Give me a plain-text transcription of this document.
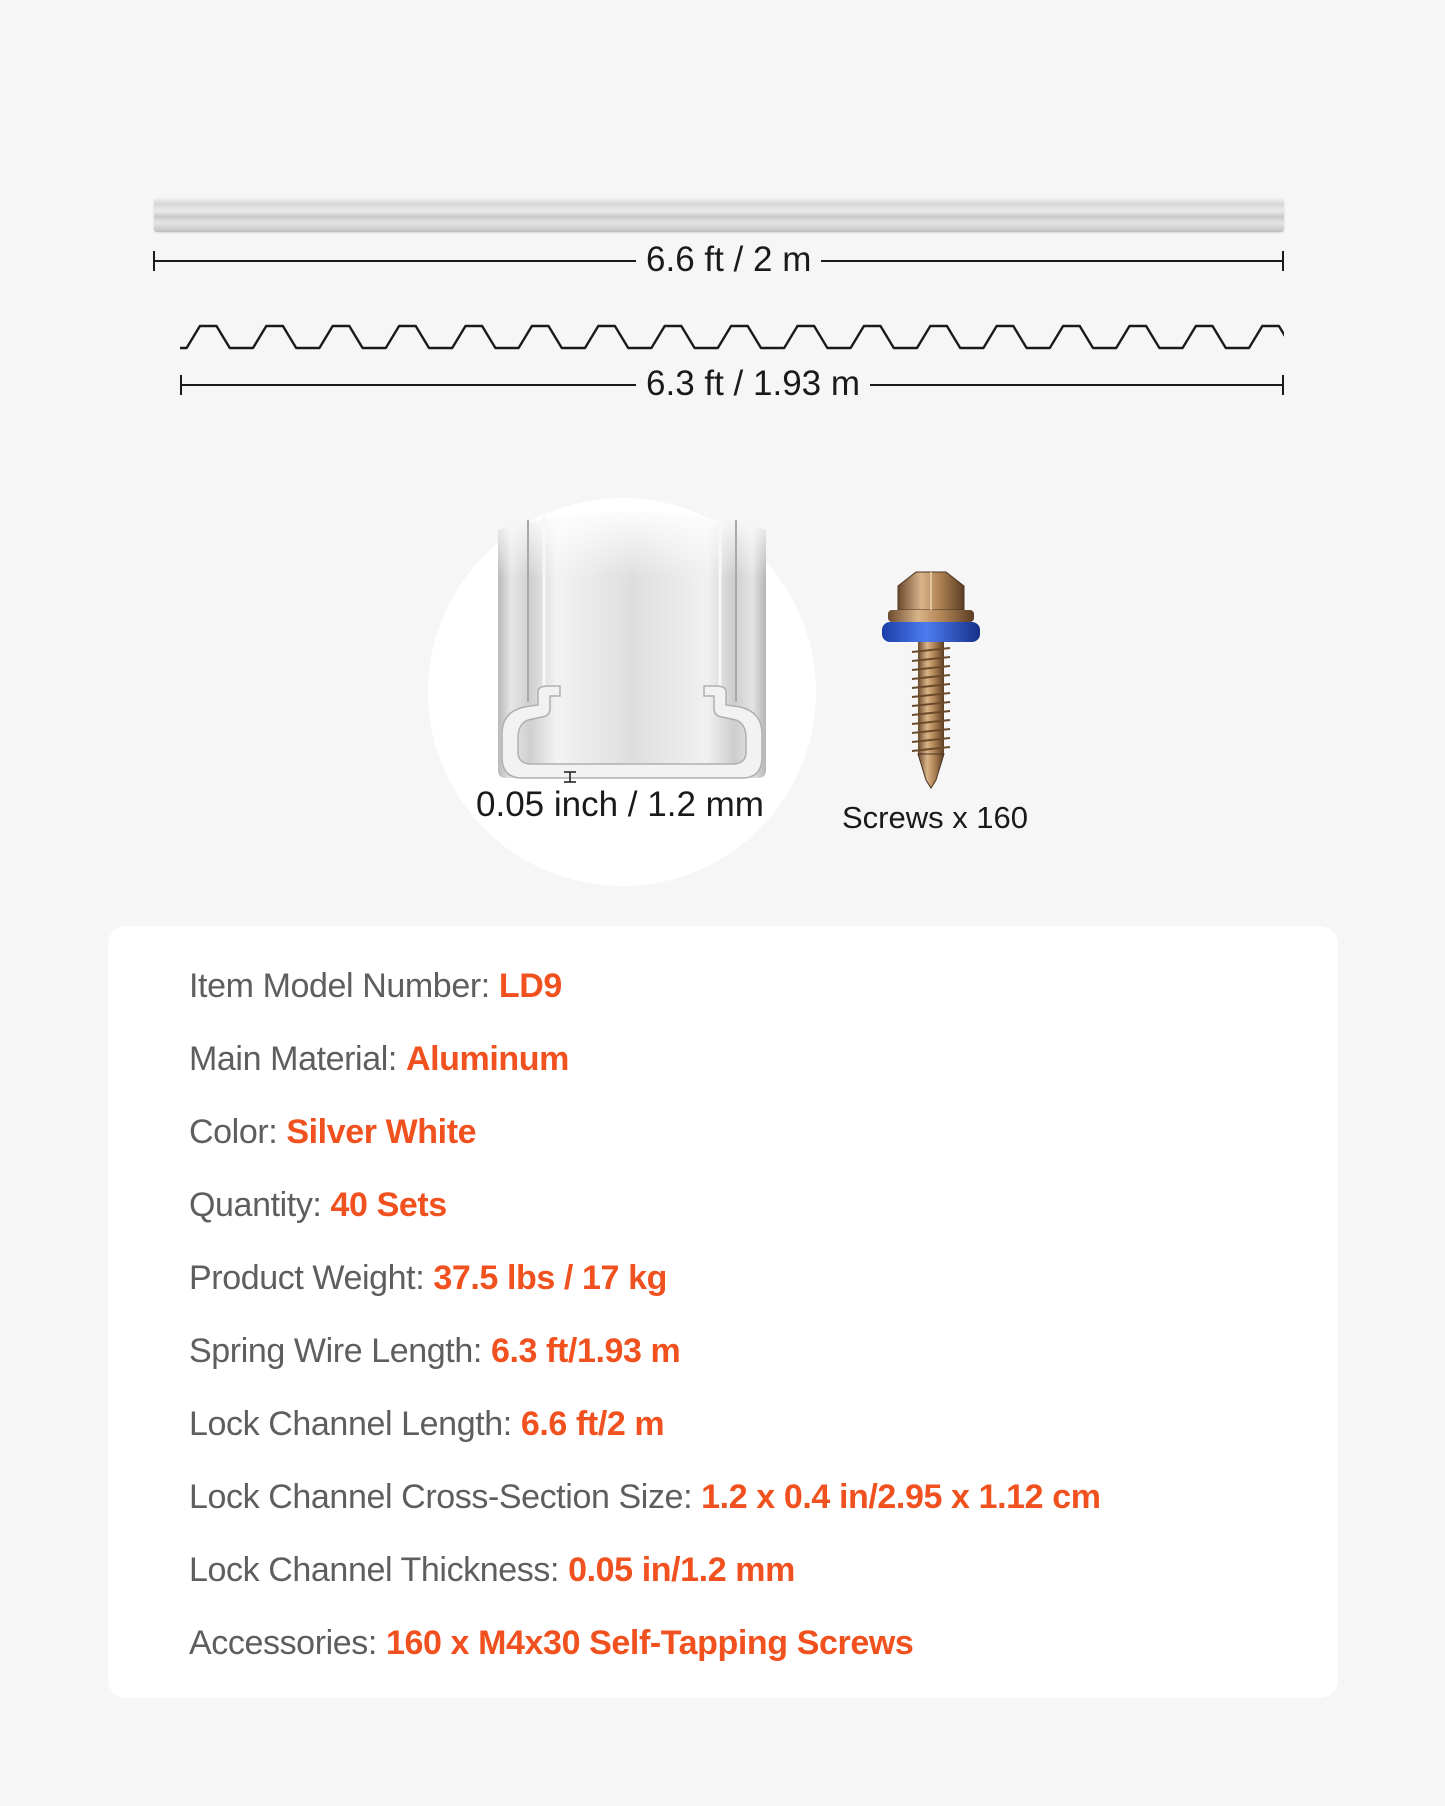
6.6 ft / 2 m
6.3 ft / 1.93 m
0.05 inch / 1.2 mm	Screws x 160
Item Model Number: LD9
Main Material: Aluminum
Color: Silver White
Quantity: 40 Sets
Product Weight: 37.5 lbs / 17 kg
Spring Wire Length: 6.3 ft/1.93 m
Lock Channel Length: 6.6 ft/2 m
Lock Channel Cross-Section Size: 1.2 x 0.4 in/2.95 x 1.12 cm
Lock Channel Thickness: 0.05 in/1.2 mm
Accessories: 160 x M4x30 Self-Tapping Screws
